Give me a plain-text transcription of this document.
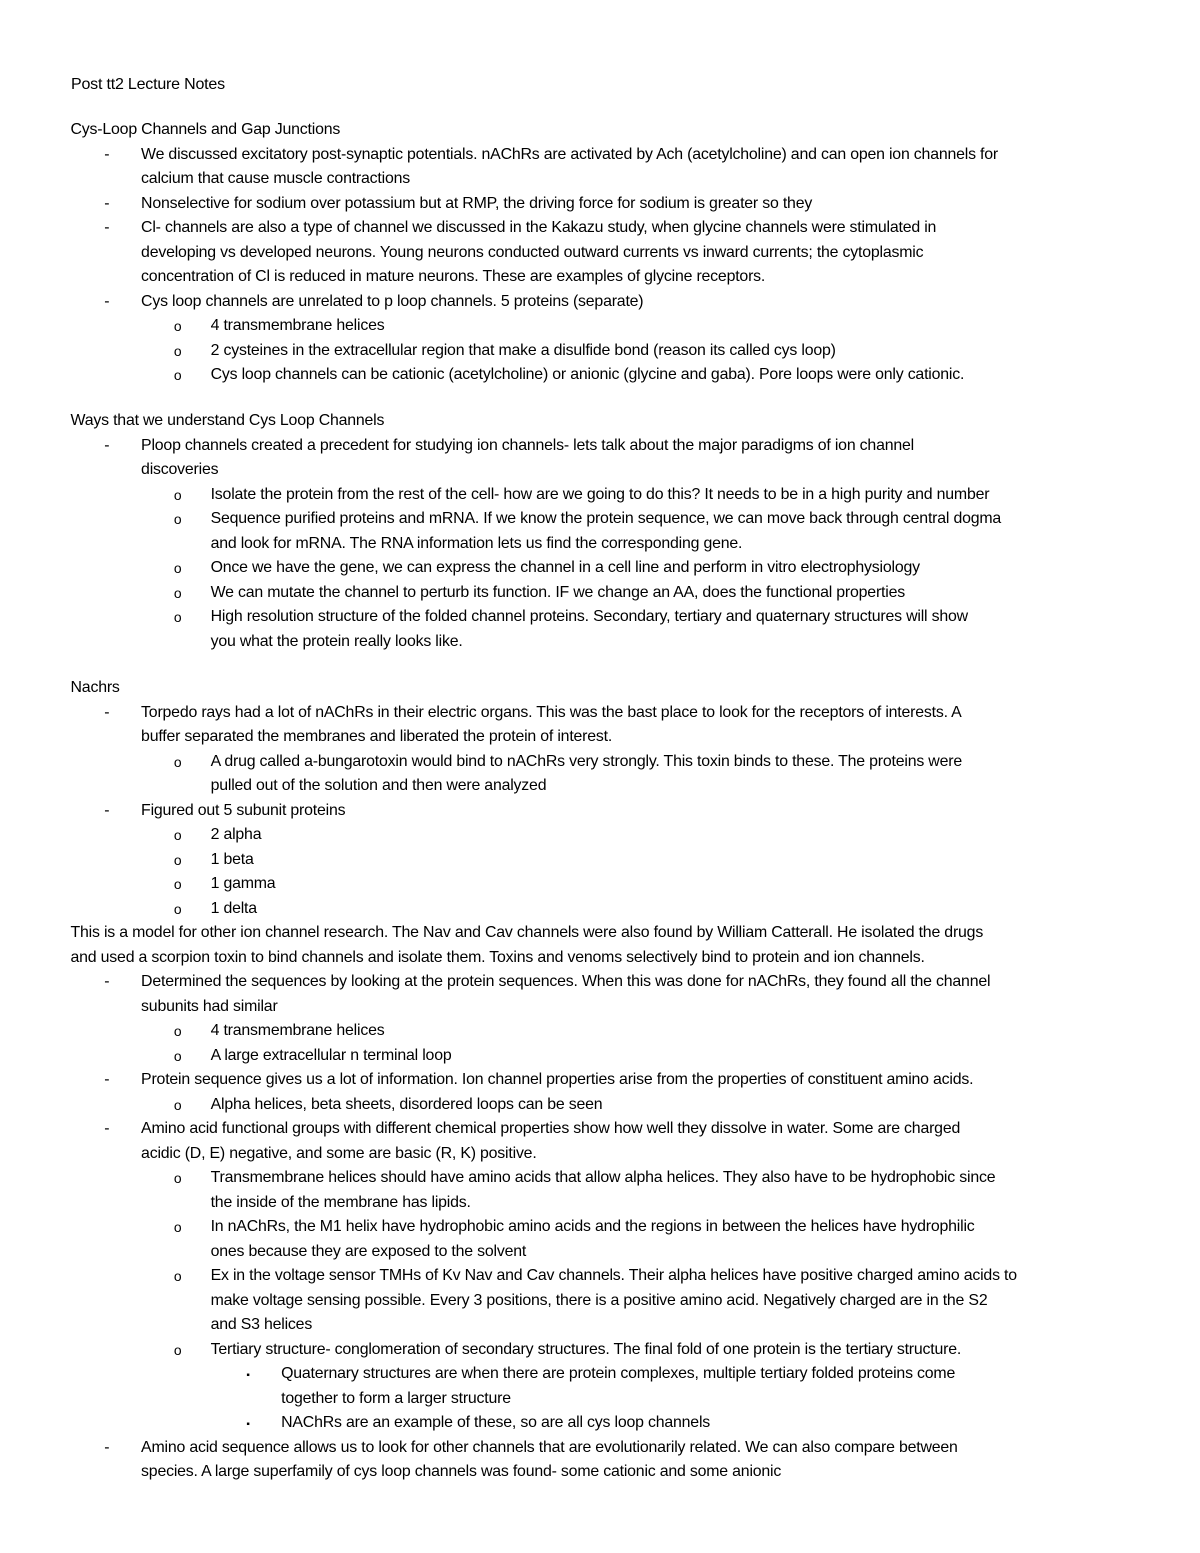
Post tt2 Lecture Notes
Cys-Loop Channels and Gap Junctions
- We discussed excitatory post-synaptic potentials. nAChRs are activated by Ach (acetylcholine) and can open ion channels for
calcium that cause muscle contractions
- Nonselective for sodium over potassium but at RMP, the driving force for sodium is greater so they
- Cl- channels are also a type of channel we discussed in the Kakazu study, when glycine channels were stimulated in
developing vs developed neurons. Young neurons conducted outward currents vs inward currents; the cytoplasmic
concentration of Cl is reduced in mature neurons. These are examples of glycine receptors.
- Cys loop channels are unrelated to p loop channels. 5 proteins (separate)
o 4 transmembrane helices
o 2 cysteines in the extracellular region that make a disulfide bond (reason its called cys loop)
o Cys loop channels can be cationic (acetylcholine) or anionic (glycine and gaba). Pore loops were only cationic.
Ways that we understand Cys Loop Channels
- Ploop channels created a precedent for studying ion channels- lets talk about the major paradigms of ion channel
discoveries
o Isolate the protein from the rest of the cell- how are we going to do this? It needs to be in a high purity and number
o Sequence purified proteins and mRNA. If we know the protein sequence, we can move back through central dogma
and look for mRNA. The RNA information lets us find the corresponding gene.
o Once we have the gene, we can express the channel in a cell line and perform in vitro electrophysiology
o We can mutate the channel to perturb its function. IF we change an AA, does the functional properties
o High resolution structure of the folded channel proteins. Secondary, tertiary and quaternary structures will show
you what the protein really looks like.
Nachrs
- Torpedo rays had a lot of nAChRs in their electric organs. This was the bast place to look for the receptors of interests. A
buffer separated the membranes and liberated the protein of interest.
o A drug called a-bungarotoxin would bind to nAChRs very strongly. This toxin binds to these. The proteins were
pulled out of the solution and then were analyzed
- Figured out 5 subunit proteins
o 2 alpha
o 1 beta
o 1 gamma
o 1 delta
This is a model for other ion channel research. The Nav and Cav channels were also found by William Catterall. He isolated the drugs
and used a scorpion toxin to bind channels and isolate them. Toxins and venoms selectively bind to protein and ion channels.
- Determined the sequences by looking at the protein sequences. When this was done for nAChRs, they found all the channel
subunits had similar
o 4 transmembrane helices
o A large extracellular n terminal loop
- Protein sequence gives us a lot of information. Ion channel properties arise from the properties of constituent amino acids.
o Alpha helices, beta sheets, disordered loops can be seen
- Amino acid functional groups with different chemical properties show how well they dissolve in water. Some are charged
acidic (D, E) negative, and some are basic (R, K) positive.
o Transmembrane helices should have amino acids that allow alpha helices. They also have to be hydrophobic since
the inside of the membrane has lipids.
o In nAChRs, the M1 helix have hydrophobic amino acids and the regions in between the helices have hydrophilic
ones because they are exposed to the solvent
o Ex in the voltage sensor TMHs of Kv Nav and Cav channels. Their alpha helices have positive charged amino acids to
make voltage sensing possible. Every 3 positions, there is a positive amino acid. Negatively charged are in the S2
and S3 helices
o Tertiary structure- conglomeration of secondary structures. The final fold of one protein is the tertiary structure.
▪ Quaternary structures are when there are protein complexes, multiple tertiary folded proteins come
together to form a larger structure
▪ NAChRs are an example of these, so are all cys loop channels
- Amino acid sequence allows us to look for other channels that are evolutionarily related. We can also compare between
species. A large superfamily of cys loop channels was found- some cationic and some anionic
